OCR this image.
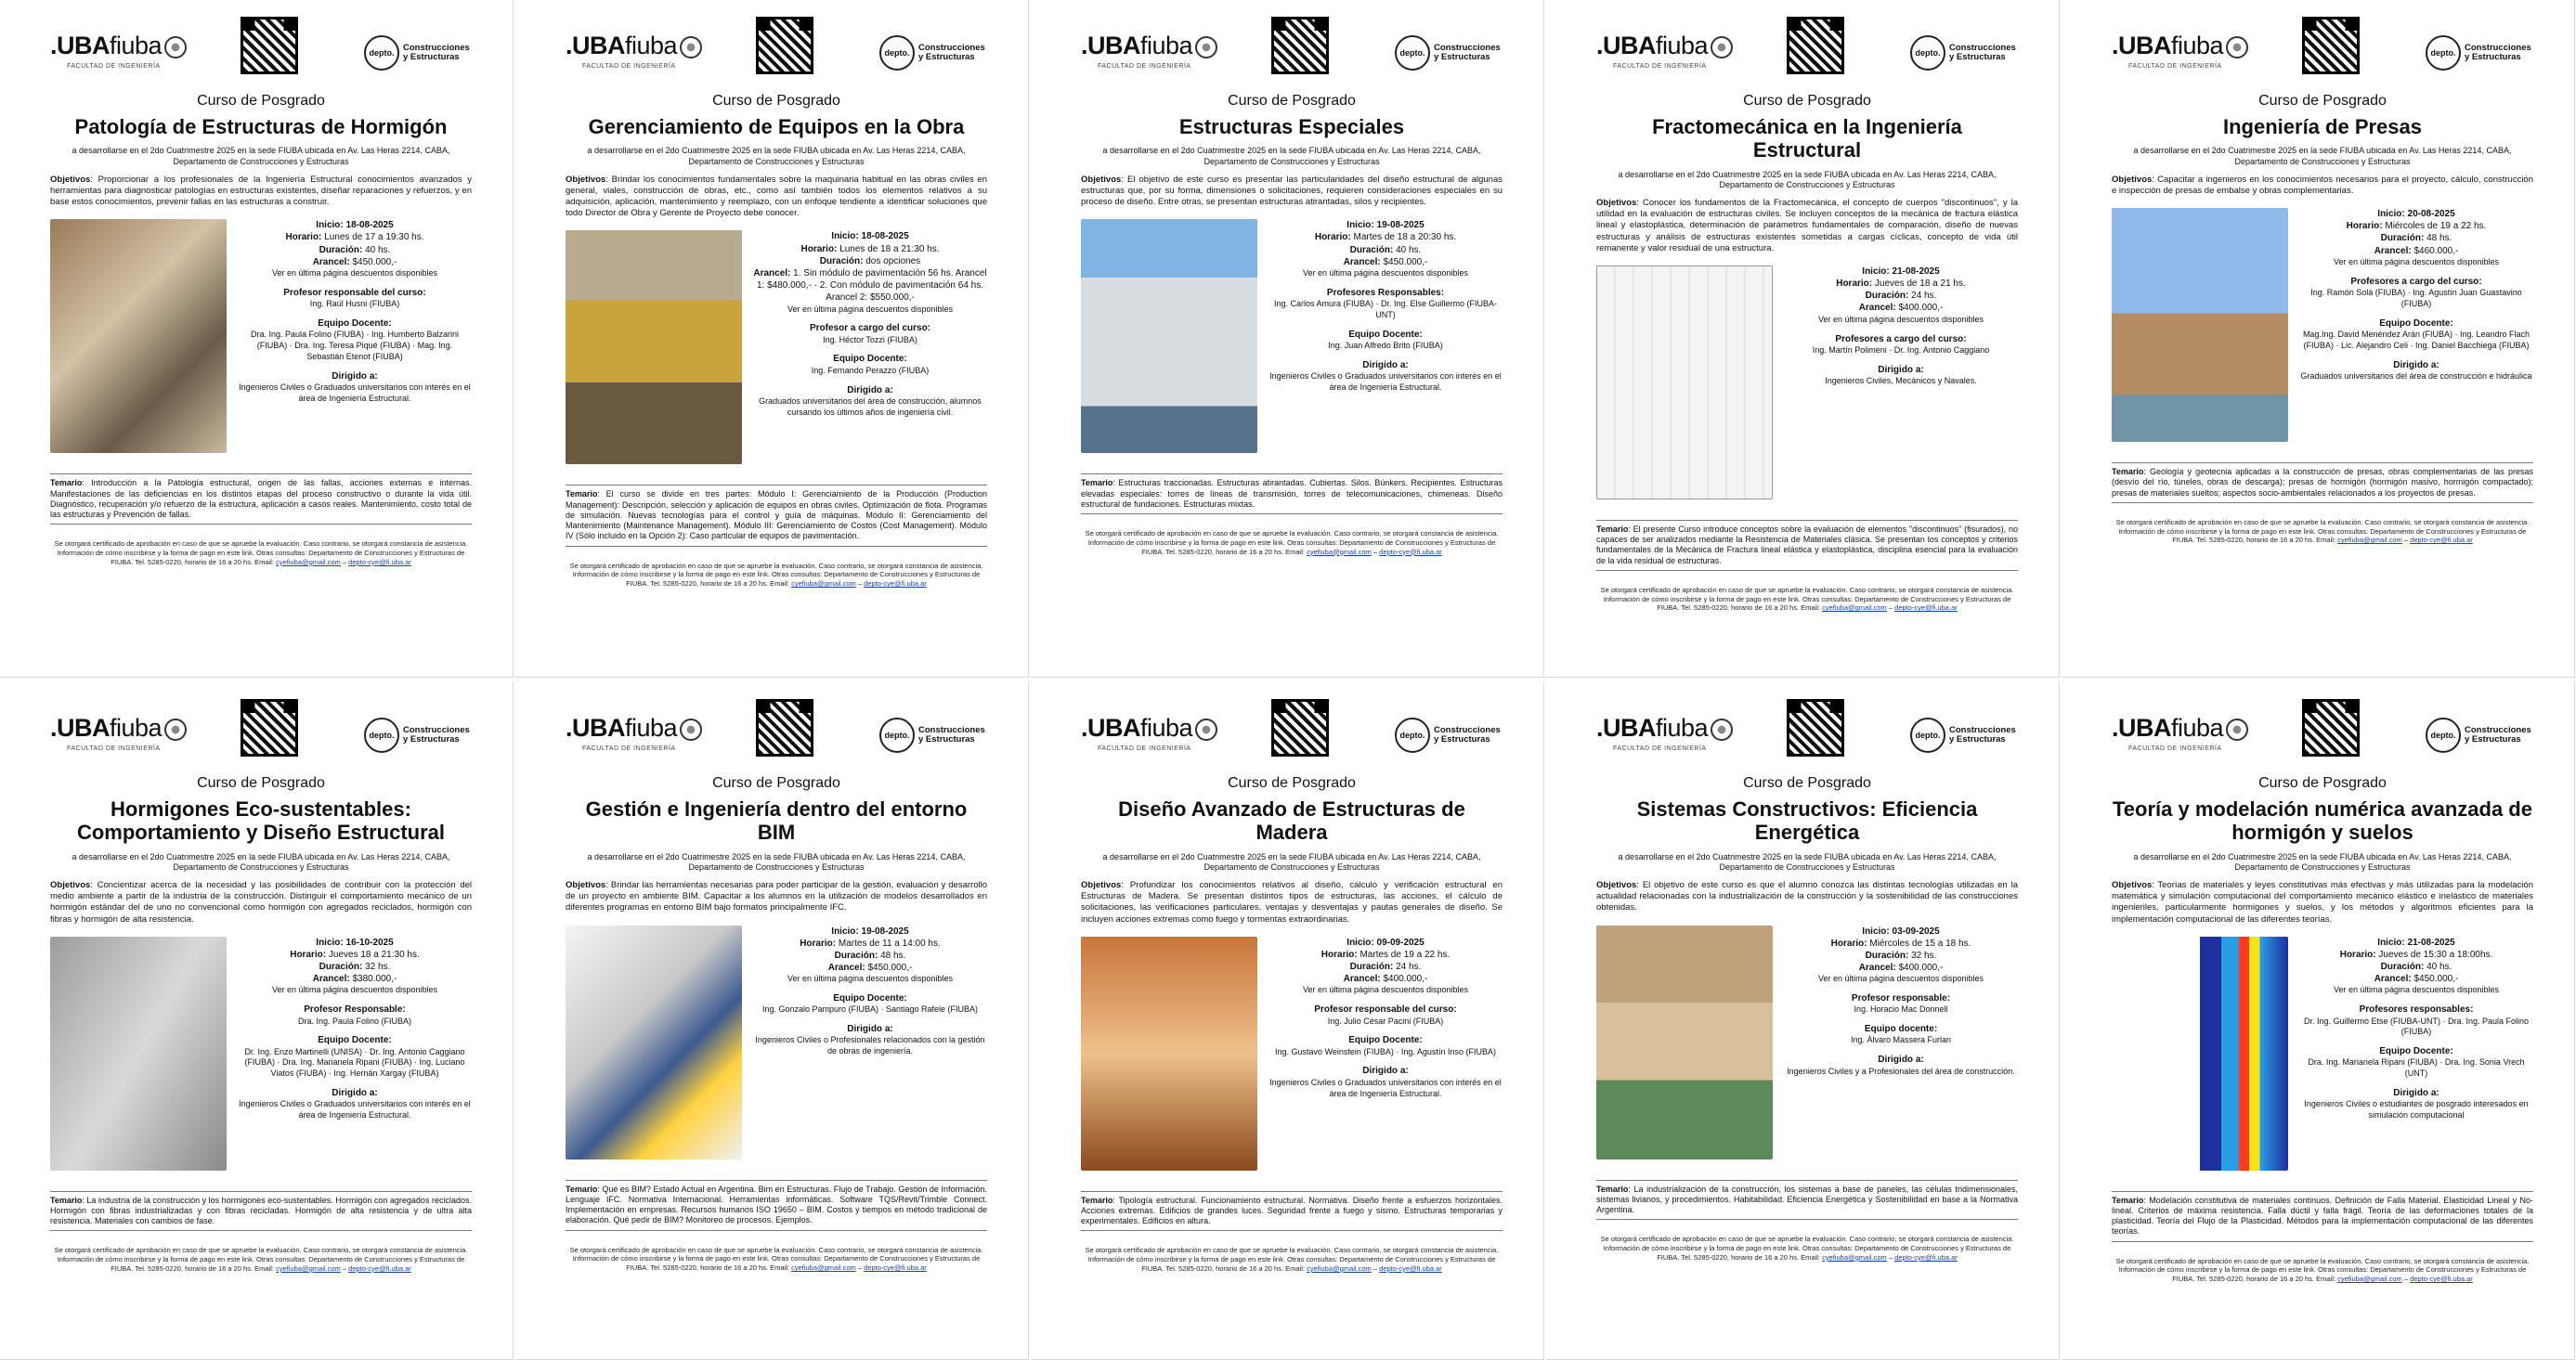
.UBAfiuba
FACULTAD DE INGENIERÍA
depto.
Construcciones y Estructuras
Curso de Posgrado
Patología de Estructuras de Hormigón
a desarrollarse en el 2do Cuatrimestre 2025 en la sede FIUBA ubicada en Av. Las Heras 2214, CABA, Departamento de Construcciones y Estructuras
Objetivos: Proporcionar a los profesionales de la Ingeniería Estructural conocimientos avanzados y herramientas para diagnosticar patologías en estructuras existentes, diseñar reparaciones y refuerzos, y en base estos conocimientos, prevenir fallas en las estructuras a construir.
Inicio: 18-08-2025
Horario: Lunes de 17 a 19:30 hs.
Duración: 40 hs.
Arancel: $450.000,-
Ver en última página descuentos disponibles
Profesor responsable del curso:
Ing. Raúl Husni (FIUBA)
Equipo Docente:
Dra. Ing. Paula Folino (FIUBA) · Ing. Humberto Balzarini (FIUBA) · Dra. Ing. Teresa Piqué (FIUBA) · Mag. Ing. Sebastián Etenot (FIUBA)
Dirigido a:
Ingenieros Civiles o Graduados universitarios con interés en el área de Ingeniería Estructural.
Temario: Introducción a la Patología estructural, origen de las fallas, acciones externas e internas. Manifestaciones de las deficiencias en los distintos etapas del proceso constructivo o durante la vida útil. Diagnóstico, recuperación y/o refuerzo de la estructura, aplicación a casos reales. Mantenimiento, costo total de las estructuras y Prevención de fallas.
Se otorgará certificado de aprobación en caso de que se apruebe la evaluación. Caso contrario, se otorgará constancia de asistencia. Información de cómo inscribirse y la forma de pago en este link. Otras consultas: Departamento de Construcciones y Estructuras de FIUBA. Tel. 5285-0220, horario de 16 a 20 hs. Email: cyefiuba@gmail.com – depto-cye@fi.uba.ar
.UBAfiuba
FACULTAD DE INGENIERÍA
depto.
Construcciones y Estructuras
Curso de Posgrado
Gerenciamiento de Equipos en la Obra
a desarrollarse en el 2do Cuatrimestre 2025 en la sede FIUBA ubicada en Av. Las Heras 2214, CABA, Departamento de Construcciones y Estructuras
Objetivos: Brindar los conocimientos fundamentales sobre la maquinaria habitual en las obras civiles en general, viales, construcción de obras, etc., como así también todos los elementos relativos a su adquisición, aplicación, mantenimiento y reemplazo, con un enfoque tendiente a identificar soluciones que todo Director de Obra y Gerente de Proyecto debe conocer.
Inicio: 18-08-2025
Horario: Lunes de 18 a 21:30 hs.
Duración: dos opciones
Arancel: 1. Sin módulo de pavimentación 56 hs. Arancel 1: $480.000,- · 2. Con módulo de pavimentación 64 hs. Arancel 2: $550.000,-
Ver en última página descuentos disponibles
Profesor a cargo del curso:
Ing. Héctor Tozzi (FIUBA)
Equipo Docente:
Ing. Fernando Perazzo (FIUBA)
Dirigido a:
Graduados universitarios del área de construcción, alumnos cursando los últimos años de ingeniería civil.
Temario: El curso se divide en tres partes: Módulo I: Gerenciamiento de la Producción (Production Management): Descripción, selección y aplicación de equipos en obras civiles. Optimización de flota. Programas de simulación. Nuevas tecnologías para el control y guía de máquinas. Módulo II: Gerenciamiento del Mantenimiento (Maintenance Management). Módulo III: Gerenciamiento de Costos (Cost Management). Módulo IV (Sólo incluido en la Opción 2): Caso particular de equipos de pavimentación.
Se otorgará certificado de aprobación en caso de que se apruebe la evaluación. Caso contrario, se otorgará constancia de asistencia. Información de cómo inscribirse y la forma de pago en este link. Otras consultas: Departamento de Construcciones y Estructuras de FIUBA. Tel. 5285-0220, horario de 16 a 20 hs. Email: cyefiuba@gmail.com – depto-cye@fi.uba.ar
.UBAfiuba
FACULTAD DE INGENIERÍA
depto.
Construcciones y Estructuras
Curso de Posgrado
Estructuras Especiales
a desarrollarse en el 2do Cuatrimestre 2025 en la sede FIUBA ubicada en Av. Las Heras 2214, CABA, Departamento de Construcciones y Estructuras
Objetivos: El objetivo de este curso es presentar las particularidades del diseño estructural de algunas estructuras que, por su forma, dimensiones o solicitaciones, requieren consideraciones especiales en su proceso de diseño. Entre otras, se presentan estructuras atirantadas, silos y recipientes.
Inicio: 19-08-2025
Horario: Martes de 18 a 20:30 hs.
Duración: 40 hs.
Arancel: $450.000,-
Ver en última página descuentos disponibles
Profesores Responsables:
Ing. Carlos Amura (FIUBA) · Dr. Ing. Else Guillermo (FIUBA-UNT)
Equipo Docente:
Ing. Juan Alfredo Brito (FIUBA)
Dirigido a:
Ingenieros Civiles o Graduados universitarios con interés en el área de Ingeniería Estructural.
Temario: Estructuras traccionadas. Estructuras atirantadas. Cubiertas. Silos. Búnkers. Recipientes. Estructuras elevadas especiales: torres de líneas de transmisión, torres de telecomunicaciones, chimeneas. Diseño estructural de fundaciones. Estructuras mixtas.
Se otorgará certificado de aprobación en caso de que se apruebe la evaluación. Caso contrario, se otorgará constancia de asistencia. Información de cómo inscribirse y la forma de pago en este link. Otras consultas: Departamento de Construcciones y Estructuras de FIUBA. Tel. 5285-0220, horario de 16 a 20 hs. Email: cyefiuba@gmail.com – depto-cye@fi.uba.ar
.UBAfiuba
FACULTAD DE INGENIERÍA
depto.
Construcciones y Estructuras
Curso de Posgrado
Fractomecánica en la Ingeniería Estructural
a desarrollarse en el 2do Cuatrimestre 2025 en la sede FIUBA ubicada en Av. Las Heras 2214, CABA, Departamento de Construcciones y Estructuras
Objetivos: Conocer los fundamentos de la Fractomecánica, el concepto de cuerpos "discontinuos", y la utilidad en la evaluación de estructuras civiles. Se incluyen conceptos de la mecánica de fractura elástica lineal y elastoplástica, determinación de parámetros fundamentales de comparación, diseño de nuevas estructuras y análisis de estructuras existentes sometidas a cargas cíclicas, concepto de vida útil remanente y valor residual de una estructura.
Inicio: 21-08-2025
Horario: Jueves de 18 a 21 hs.
Duración: 24 hs.
Arancel: $400.000,-
Ver en última página descuentos disponibles
Profesores a cargo del curso:
Ing. Martín Polimeni · Dr. Ing. Antonio Caggiano
Dirigido a:
Ingenieros Civiles, Mecánicos y Navales.
Temario: El presente Curso introduce conceptos sobre la evaluación de elementos "discontinuos" (fisurados), no capaces de ser analizados mediante la Resistencia de Materiales clásica. Se presentan los conceptos y criterios fundamentales de la Mecánica de Fractura lineal elástica y elastoplástica, disciplina esencial para la evaluación de la vida residual de estructuras.
Se otorgará certificado de aprobación en caso de que se apruebe la evaluación. Caso contrario, se otorgará constancia de asistencia. Información de cómo inscribirse y la forma de pago en este link. Otras consultas: Departamento de Construcciones y Estructuras de FIUBA. Tel. 5285-0220, horario de 16 a 20 hs. Email: cyefiuba@gmail.com – depto-cye@fi.uba.ar
.UBAfiuba
FACULTAD DE INGENIERÍA
depto.
Construcciones y Estructuras
Curso de Posgrado
Ingeniería de Presas
a desarrollarse en el 2do Cuatrimestre 2025 en la sede FIUBA ubicada en Av. Las Heras 2214, CABA, Departamento de Construcciones y Estructuras
Objetivos: Capacitar a ingenieros en los conocimientos necesarios para el proyecto, cálculo, construcción e inspección de presas de embalse y obras complementarias.
Inicio: 20-08-2025
Horario: Miércoles de 19 a 22 hs.
Duración: 48 hs.
Arancel: $460.000,-
Ver en última página descuentos disponibles
Profesores a cargo del curso:
Ing. Ramón Solá (FIUBA) · Ing. Agustín Juan Guastavino (FIUBA)
Equipo Docente:
Mag.Ing. David Menéndez Arán (FIUBA) · Ing. Leandro Flach (FIUBA) · Lic. Alejandro Celi · Ing. Daniel Bacchiega (FIUBA)
Dirigido a:
Graduados universitarios del área de construcción e hidráulica
Temario: Geología y geotecnia aplicadas a la construcción de presas, obras complementarias de las presas (desvío del río, túneles, obras de descarga); presas de hormigón (hormigón masivo, hormigón compactado); presas de materiales sueltos; aspectos socio-ambientales relacionados a los proyectos de presas.
Se otorgará certificado de aprobación en caso de que se apruebe la evaluación. Caso contrario, se otorgará constancia de asistencia. Información de cómo inscribirse y la forma de pago en este link. Otras consultas: Departamento de Construcciones y Estructuras de FIUBA. Tel. 5285-0220, horario de 16 a 20 hs. Email: cyefiuba@gmail.com – depto-cye@fi.uba.ar
.UBAfiuba
FACULTAD DE INGENIERÍA
depto.
Construcciones y Estructuras
Curso de Posgrado
Hormigones Eco-sustentables: Comportamiento y Diseño Estructural
a desarrollarse en el 2do Cuatrimestre 2025 en la sede FIUBA ubicada en Av. Las Heras 2214, CABA, Departamento de Construcciones y Estructuras
Objetivos: Concientizar acerca de la necesidad y las posibilidades de contribuir con la protección del medio ambiente a partir de la industria de la construcción. Distinguir el comportamiento mecánico de un hormigón estándar del de uno no convencional como hormigón con agregados reciclados, hormigón con fibras y hormigón de alta resistencia.
Inicio: 16-10-2025
Horario: Jueves 18 a 21:30 hs.
Duración: 32 hs.
Arancel: $380.000,-
Ver en última página descuentos disponibles
Profesor Responsable:
Dra. Ing. Paula Folino (FIUBA)
Equipo Docente:
Dr. Ing. Enzo Martinelli (UNISA) · Dr. Ing. Antonio Caggiano (FIUBA) · Dra. Ing. Marianela Ripani (FIUBA) · Ing. Luciano Viatos (FIUBA) · Ing. Hernán Xargay (FIUBA)
Dirigido a:
Ingenieros Civiles o Graduados universitarios con interés en el área de Ingeniería Estructural.
Temario: La industria de la construcción y los hormigones eco-sustentables. Hormigón con agregados reciclados. Hormigón con fibras industrializadas y con fibras recicladas. Hormigón de alta resistencia y de ultra alta resistencia. Materiales con cambios de fase.
Se otorgará certificado de aprobación en caso de que se apruebe la evaluación. Caso contrario, se otorgará constancia de asistencia. Información de cómo inscribirse y la forma de pago en este link. Otras consultas: Departamento de Construcciones y Estructuras de FIUBA. Tel. 5285-0220, horario de 16 a 20 hs. Email: cyefiuba@gmail.com – depto-cye@fi.uba.ar
.UBAfiuba
FACULTAD DE INGENIERÍA
depto.
Construcciones y Estructuras
Curso de Posgrado
Gestión e Ingeniería dentro del entorno BIM
a desarrollarse en el 2do Cuatrimestre 2025 en la sede FIUBA ubicada en Av. Las Heras 2214, CABA, Departamento de Construcciones y Estructuras
Objetivos: Brindar las herramientas necesarias para poder participar de la gestión, evaluación y desarrollo de un proyecto en ambiente BIM. Capacitar a los alumnos en la utilización de modelos desarrollados en diferentes programas en entorno BIM bajo formatos principalmente IFC.
Inicio: 19-08-2025
Horario: Martes de 11 a 14:00 hs.
Duración: 48 hs.
Arancel: $450.000,-
Ver en última página descuentos disponibles
Equipo Docente:
Ing. Gonzalo Pampuro (FIUBA) · Santiago Rafele (FIUBA)
Dirigido a:
Ingenieros Civiles o Profesionales relacionados con la gestión de obras de ingeniería.
Temario: Qué es BIM? Estado Actual en Argentina. Bim en Estructuras. Flujo de Trabajo. Gestión de Información. Lenguaje IFC. Normativa Internacional. Herramientas informáticas. Software TQS/Revit/Trimble Connect. Implementación en empresas. Recursos humanos ISO 19650 – BIM. Costos y tiempos en método tradicional de elaboración. Qué pedir de BIM? Monitoreo de procesos. Ejemplos.
Se otorgará certificado de aprobación en caso de que se apruebe la evaluación. Caso contrario, se otorgará constancia de asistencia. Información de cómo inscribirse y la forma de pago en este link. Otras consultas: Departamento de Construcciones y Estructuras de FIUBA. Tel. 5285-0220, horario de 16 a 20 hs. Email: cyefiuba@gmail.com – depto-cye@fi.uba.ar
.UBAfiuba
FACULTAD DE INGENIERÍA
depto.
Construcciones y Estructuras
Curso de Posgrado
Diseño Avanzado de Estructuras de Madera
a desarrollarse en el 2do Cuatrimestre 2025 en la sede FIUBA ubicada en Av. Las Heras 2214, CABA, Departamento de Construcciones y Estructuras
Objetivos: Profundizar los conocimientos relativos al diseño, cálculo y verificación estructural en Estructuras de Madera. Se presentan distintos tipos de estructuras, las acciones, el cálculo de solicitaciones, las verificaciones particulares, ventajas y desventajas y pautas generales de diseño. Se incluyen acciones extremas como fuego y tormentas extraordinarias.
Inicio: 09-09-2025
Horario: Martes de 19 a 22 hs.
Duración: 24 hs.
Arancel: $400.000,-
Ver en última página descuentos disponibles
Profesor responsable del curso:
Ing. Julio César Pacini (FIUBA)
Equipo Docente:
Ing. Gustavo Weinstein (FIUBA) · Ing. Agustín Inso (FIUBA)
Dirigido a:
Ingenieros Civiles o Graduados universitarios con interés en el área de Ingeniería Estructural.
Temario: Tipología estructural. Funcionamiento estructural. Normativa. Diseño frente a esfuerzos horizontales. Acciones extremas. Edificios de grandes luces. Seguridad frente a fuego y sismo. Estructuras temporarias y experimentales. Edificios en altura.
Se otorgará certificado de aprobación en caso de que se apruebe la evaluación. Caso contrario, se otorgará constancia de asistencia. Información de cómo inscribirse y la forma de pago en este link. Otras consultas: Departamento de Construcciones y Estructuras de FIUBA. Tel. 5285-0220, horario de 16 a 20 hs. Email: cyefiuba@gmail.com – depto-cye@fi.uba.ar
.UBAfiuba
FACULTAD DE INGENIERÍA
depto.
Construcciones y Estructuras
Curso de Posgrado
Sistemas Constructivos: Eficiencia Energética
a desarrollarse en el 2do Cuatrimestre 2025 en la sede FIUBA ubicada en Av. Las Heras 2214, CABA, Departamento de Construcciones y Estructuras
Objetivos: El objetivo de este curso es que el alumno conozca las distintas tecnologías utilizadas en la actualidad relacionadas con la industrialización de la construcción y la sostenibilidad de las construcciones obtenidas.
Inicio: 03-09-2025
Horario: Miércoles de 15 a 18 hs.
Duración: 32 hs.
Arancel: $400.000,-
Ver en última página descuentos disponibles
Profesor responsable:
Ing. Horacio Mac Donnell
Equipo docente:
Ing. Álvaro Massera Furlan
Dirigido a:
Ingenieros Civiles y a Profesionales del área de construcción.
Temario: La industrialización de la construcción, los sistemas a base de paneles, las células tridimensionales, sistemas livianos, y procedimientos. Habitabilidad. Eficiencia Energética y Sostenibilidad en base a la Normativa Argentina.
Se otorgará certificado de aprobación en caso de que se apruebe la evaluación. Caso contrario, se otorgará constancia de asistencia. Información de cómo inscribirse y la forma de pago en este link. Otras consultas: Departamento de Construcciones y Estructuras de FIUBA. Tel. 5285-0220, horario de 16 a 20 hs. Email: cyefiuba@gmail.com – depto-cye@fi.uba.ar
.UBAfiuba
FACULTAD DE INGENIERÍA
depto.
Construcciones y Estructuras
Curso de Posgrado
Teoría y modelación numérica avanzada de hormigón y suelos
a desarrollarse en el 2do Cuatrimestre 2025 en la sede FIUBA ubicada en Av. Las Heras 2214, CABA, Departamento de Construcciones y Estructuras
Objetivos: Teorías de materiales y leyes constitutivas más efectivas y más utilizadas para la modelación matemática y simulación computacional del comportamiento mecánico elástico e inelástico de materiales ingenieriles, particularmente hormigones y suelos, y los métodos y algoritmos eficientes para la implementación computacional de las diferentes teorías.
Inicio: 21-08-2025
Horario: Jueves de 15:30 a 18:00hs.
Duración: 40 hs.
Arancel: $450.000,-
Ver en última página descuentos disponibles
Profesores responsables:
Dr. Ing. Guillermo Etse (FIUBA-UNT) · Dra. Ing. Paula Folino (FIUBA)
Equipo Docente:
Dra. Ing. Marianela Ripani (FIUBA) · Dra. Ing. Sonia Vrech (UNT)
Dirigido a:
Ingenieros Civiles o estudiantes de posgrado interesados en simulación computacional
Temario: Modelación constitutiva de materiales continuos. Definición de Falla Material. Elasticidad Lineal y No-lineal. Criterios de máxima resistencia. Falla dúctil y falla frágil. Teoría de las deformaciones totales de la plasticidad. Teoría del Flujo de la Plasticidad. Métodos para la implementación computacional de las diferentes teorías.
Se otorgará certificado de aprobación en caso de que se apruebe la evaluación. Caso contrario, se otorgará constancia de asistencia. Información de cómo inscribirse y la forma de pago en este link. Otras consultas: Departamento de Construcciones y Estructuras de FIUBA. Tel. 5285-0220, horario de 16 a 20 hs. Email: cyefiuba@gmail.com – depto-cye@fi.uba.ar
